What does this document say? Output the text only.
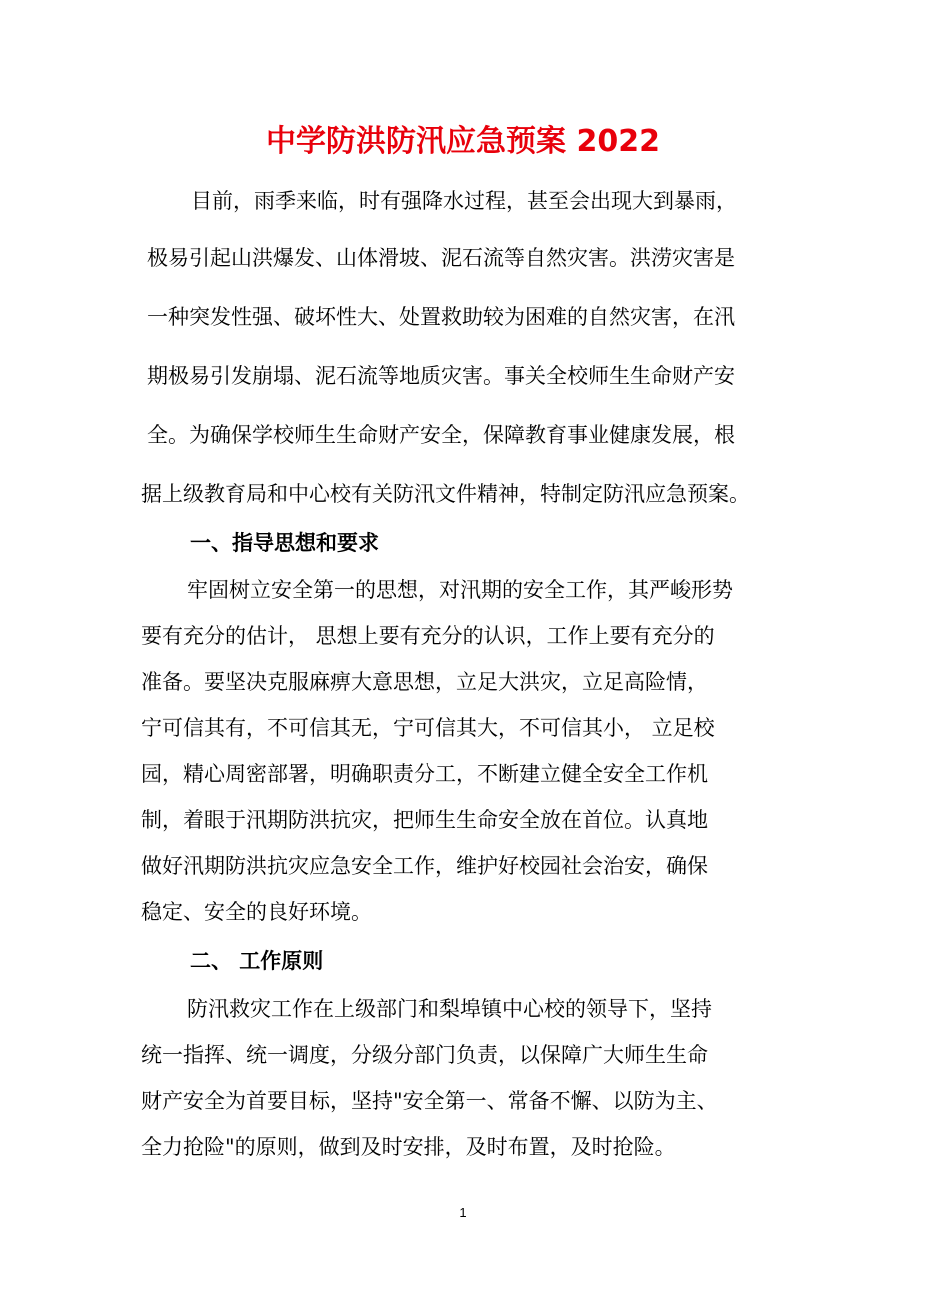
中学防洪防汛应急预案 2022
目前，雨季来临，时有强降水过程，甚至会出现大到暴雨，
极易引起山洪爆发、山体滑坡、泥石流等自然灾害。洪涝灾害是
一种突发性强、破坏性大、处置救助较为困难的自然灾害，在汛
期极易引发崩塌、泥石流等地质灾害。事关全校师生生命财产安
全。为确保学校师生生命财产安全，保障教育事业健康发展，根
据上级教育局和中心校有关防汛文件精神，特制定防汛应急预案。
一、指导思想和要求
牢固树立安全第一的思想，对汛期的安全工作，其严峻形势
要有充分的估计， 思想上要有充分的认识，工作上要有充分的
准备。要坚决克服麻痹大意思想，立足大洪灾，立足高险情，
宁可信其有，不可信其无，宁可信其大，不可信其小， 立足校
园，精心周密部署，明确职责分工，不断建立健全安全工作机
制，着眼于汛期防洪抗灾，把师生生命安全放在首位。认真地
做好汛期防洪抗灾应急安全工作，维护好校园社会治安，确保
稳定、安全的良好环境。
二、 工作原则
防汛救灾工作在上级部门和梨埠镇中心校的领导下，坚持
统一指挥、统一调度，分级分部门负责，以保障广大师生生命
财产安全为首要目标，坚持"安全第一、常备不懈、以防为主、
全力抢险"的原则，做到及时安排，及时布置，及时抢险。
1
